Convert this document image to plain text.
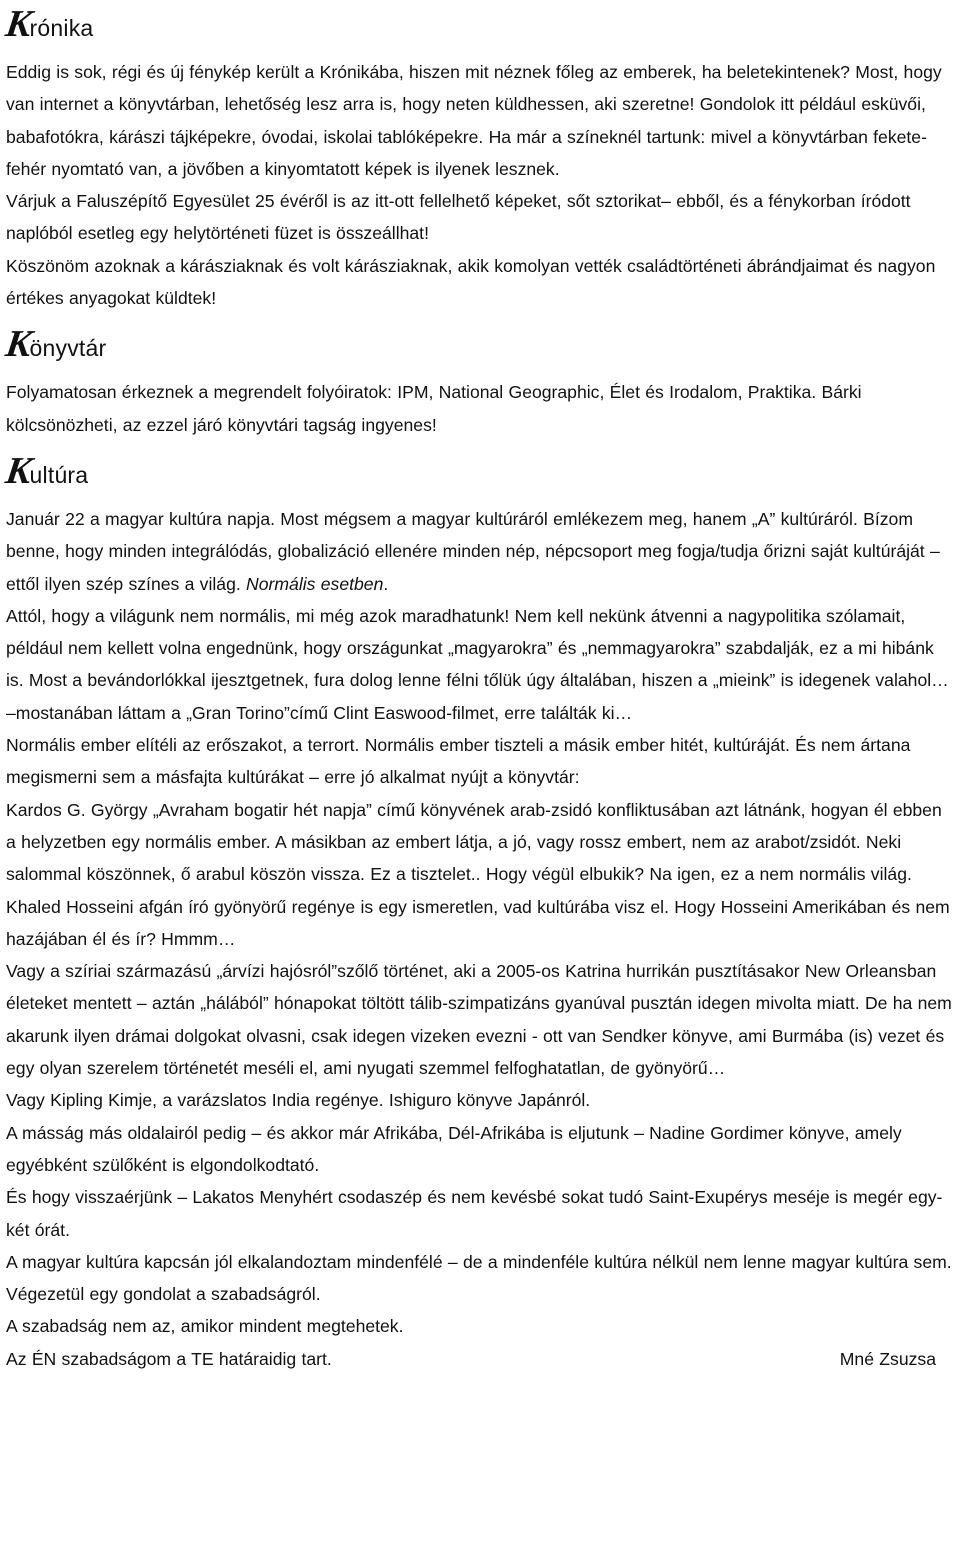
K
rónika

Eddig is sok, régi és új fénykép került a Krónikába, hiszen mit néznek főleg az emberek, ha beletekintenek? Most, hogy van internet a könyvtárban, lehetőség lesz arra is, hogy neten küldhessen, aki szeretne! Gondolok itt például esküvői, babafotókra, kárászi tájképekre, óvodai, iskolai tablóképekre. Ha már a színeknél tartunk: mivel a könyvtárban fekete-fehér nyomtató van, a jövőben a kinyomtatott képek is ilyenek lesznek.

Várjuk a Faluszépítő Egyesület 25 évéről is az itt-ott fellelhető képeket, sőt sztorikat– ebből, és a fénykorban íródott naplóból esetleg egy helytörténeti füzet is összeállhat!

Köszönöm azoknak a kárásziaknak és volt kárásziaknak, akik komolyan vették családtörténeti ábrándjaimat és nagyon értékes anyagokat küldtek!

K
önyvtár

Folyamatosan érkeznek a megrendelt folyóiratok: IPM, National Geographic, Élet és Irodalom, Praktika. Bárki kölcsönözheti, az ezzel járó könyvtári tagság ingyenes!

K
ultúra

Január 22 a magyar kultúra napja. Most mégsem a magyar kultúráról emlékezem meg, hanem „A” kultúráról. Bízom benne, hogy minden integrálódás, globalizáció ellenére minden nép, népcsoport meg fogja/tudja őrizni saját kultúráját – ettől ilyen szép színes a világ. Normális esetben.

Attól, hogy a világunk nem normális, mi még azok maradhatunk! Nem kell nekünk átvenni a nagypolitika szólamait, például nem kellett volna engednünk, hogy országunkat „magyarokra” és „nemmagyarokra” szabdalják, ez a mi hibánk is. Most a bevándorlókkal ijesztgetnek, fura dolog lenne félni tőlük úgy általában, hiszen a „mieink” is idegenek valahol… –mostanában láttam a „Gran Torino”című Clint Easwood-filmet, erre találták ki…

Normális ember elítéli az erőszakot, a terrort. Normális ember tiszteli a másik ember hitét, kultúráját. És nem ártana megismerni sem a másfajta kultúrákat – erre jó alkalmat nyújt a könyvtár:

Kardos G. György „Avraham bogatir hét napja” című könyvének arab-zsidó konfliktusában azt látnánk, hogyan él ebben a helyzetben egy normális ember. A másikban az embert látja, a jó, vagy rossz embert, nem az arabot/zsidót. Neki salommal köszönnek, ő arabul köszön vissza. Ez a tisztelet.. Hogy végül elbukik? Na igen, ez a nem normális világ.

Khaled Hosseini afgán író gyönyörű regénye is egy ismeretlen, vad kultúrába visz el. Hogy Hosseini Amerikában és nem hazájában él és ír? Hmmm…

Vagy a szíriai származású „árvízi hajósról”szőlő történet, aki a 2005-os Katrina hurrikán pusztításakor New Orleansban életeket mentett – aztán „hálából” hónapokat töltött tálib-szimpatizáns gyanúval pusztán idegen mivolta miatt. De ha nem akarunk ilyen drámai dolgokat olvasni, csak idegen vizeken evezni - ott van Sendker könyve, ami Burmába (is) vezet és egy olyan szerelem történetét meséli el, ami nyugati szemmel felfoghatatlan, de gyönyörű…

Vagy Kipling Kimje, a varázslatos India regénye. Ishiguro könyve Japánról.

A másság más oldalairól pedig – és akkor már Afrikába, Dél-Afrikába is eljutunk – Nadine Gordimer könyve, amely egyébként szülőként is elgondolkodtató.

És hogy visszaérjünk – Lakatos Menyhért csodaszép és nem kevésbé sokat tudó Saint-Exupérys meséje is megér egy-két órát.

A magyar kultúra kapcsán jól elkalandoztam mindenfélé – de a mindenféle kultúra nélkül nem lenne magyar kultúra sem.

Végezetül egy gondolat a szabadságról.

A szabadság nem az, amikor mindent megtehetek.

Az ÉN szabadságom a TE határaidig tart.	Mné Zsuzsa
